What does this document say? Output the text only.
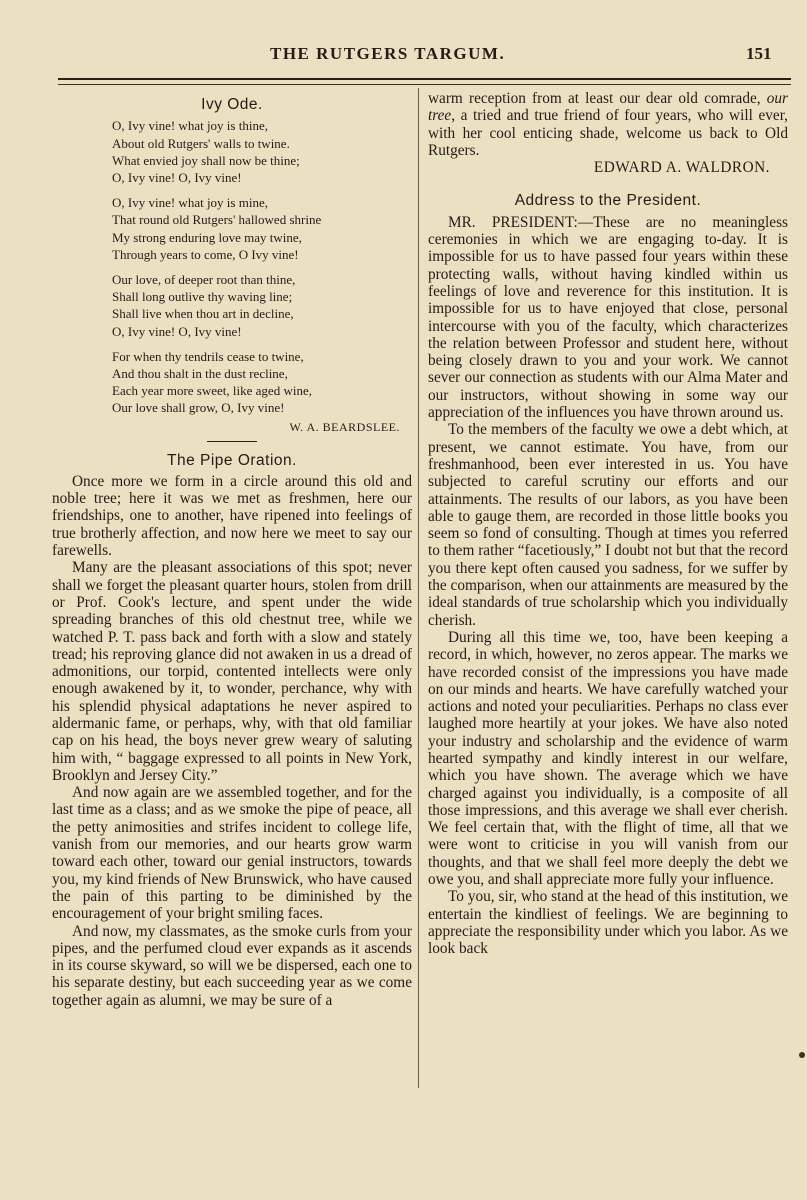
THE RUTGERS TARGUM.	151
Ivy Ode.
O, Ivy vine! what joy is thine,
About old Rutgers' walls to twine.
What envied joy shall now be thine;
O, Ivy vine! O, Ivy vine!
O, Ivy vine! what joy is mine,
That round old Rutgers' hallowed shrine
My strong enduring love may twine,
Through years to come, O Ivy vine!
Our love, of deeper root than thine,
Shall long outlive thy waving line;
Shall live when thou art in decline,
O, Ivy vine! O, Ivy vine!
For when thy tendrils cease to twine,
And thou shalt in the dust recline,
Each year more sweet, like aged wine,
Our love shall grow, O, Ivy vine!
W. A. BEARDSLEE.
The Pipe Oration.

Once more we form in a circle around this old and noble tree; here it was we met as freshmen, here our friendships, one to another, have ripened into feelings of true brotherly affection, and now here we meet to say our farewells.

Many are the pleasant associations of this spot; never shall we forget the pleasant quarter hours, stolen from drill or Prof. Cook's lecture, and spent under the wide spreading branches of this old chestnut tree, while we watched P. T. pass back and forth with a slow and stately tread; his reproving glance did not awaken in us a dread of admonitions, our torpid, contented intellects were only enough awakened by it, to wonder, perchance, why with his splendid physical adaptations he never aspired to aldermanic fame, or perhaps, why, with that old familiar cap on his head, the boys never grew weary of saluting him with, “ baggage expressed to all points in New York, Brooklyn and Jersey City.”

And now again are we assembled together, and for the last time as a class; and as we smoke the pipe of peace, all the petty animosities and strifes incident to college life, vanish from our memories, and our hearts grow warm toward each other, toward our genial instructors, towards you, my kind friends of New Brunswick, who have caused the pain of this parting to be diminished by the encouragement of your bright smiling faces.

And now, my classmates, as the smoke curls from your pipes, and the perfumed cloud ever expands as it ascends in its course skyward, so will we be dispersed, each one to his separate destiny, but each succeeding year as we come together again as alumni, we may be sure of a

warm reception from at least our dear old comrade, our tree, a tried and true friend of four years, who will ever, with her cool enticing shade, welcome us back to Old Rutgers.

EDWARD A. WALDRON.
Address to the President.

MR. PRESIDENT:—These are no meaningless ceremonies in which we are engaging to-day. It is impossible for us to have passed four years within these protecting walls, without having kindled within us feelings of love and reverence for this institution. It is impossible for us to have enjoyed that close, personal intercourse with you of the faculty, which characterizes the relation between Professor and student here, without being closely drawn to you and your work. We cannot sever our connection as students with our Alma Mater and our instructors, without showing in some way our appreciation of the influences you have thrown around us.

To the members of the faculty we owe a debt which, at present, we cannot estimate. You have, from our freshmanhood, been ever interested in us. You have subjected to careful scrutiny our efforts and our attainments. The results of our labors, as you have been able to gauge them, are recorded in those little books you seem so fond of consulting. Though at times you referred to them rather “facetiously,” I doubt not but that the record you there kept often caused you sadness, for we suffer by the comparison, when our attainments are measured by the ideal standards of true scholarship which you individually cherish.

During all this time we, too, have been keeping a record, in which, however, no zeros appear. The marks we have recorded consist of the impressions you have made on our minds and hearts. We have carefully watched your actions and noted your peculiarities. Perhaps no class ever laughed more heartily at your jokes. We have also noted your industry and scholarship and the evidence of warm hearted sympathy and kindly interest in our welfare, which you have shown. The average which we have charged against you individually, is a composite of all those impressions, and this average we shall ever cherish. We feel certain that, with the flight of time, all that we were wont to criticise in you will vanish from our thoughts, and that we shall feel more deeply the debt we owe you, and shall appreciate more fully your influence.

To you, sir, who stand at the head of this institution, we entertain the kindliest of feelings. We are beginning to appreciate the responsibility under which you labor. As we look back
